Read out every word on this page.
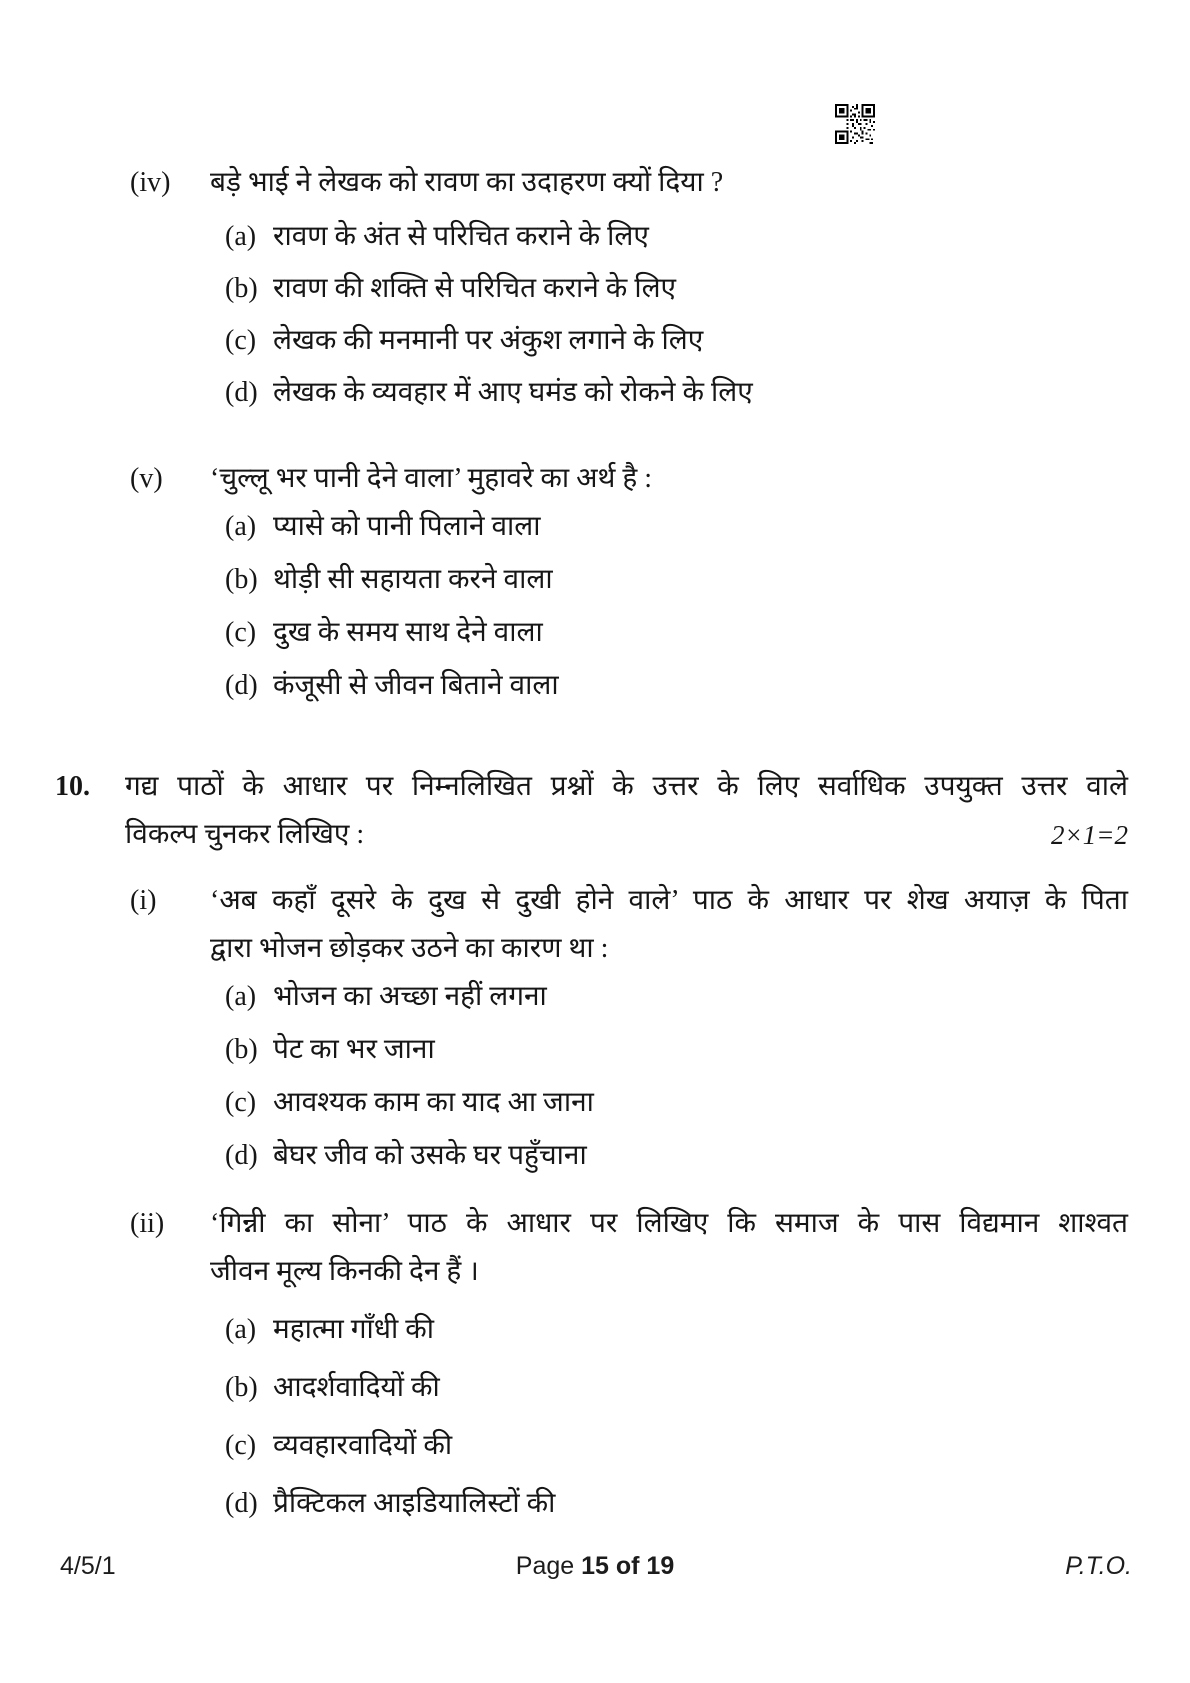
(iv)	बड़े भाई ने लेखक को रावण का उदाहरण क्यों दिया ?
(a) रावण के अंत से परिचित कराने के लिए
(b) रावण की शक्ति से परिचित कराने के लिए
(c) लेखक की मनमानी पर अंकुश लगाने के लिए
(d) लेखक के व्यवहार में आए घमंड को रोकने के लिए
(v)	‘चुल्लू भर पानी देने वाला’ मुहावरे का अर्थ है :
(a) प्यासे को पानी पिलाने वाला
(b) थोड़ी सी सहायता करने वाला
(c) दुख के समय साथ देने वाला
(d) कंजूसी से जीवन बिताने वाला
10.	गद्य पाठों के आधार पर निम्नलिखित प्रश्नों के उत्तर के लिए सर्वाधिक उपयुक्त उत्तर वाले
विकल्प चुनकर लिखिए :	2×1=2
(i)	‘अब कहाँ दूसरे के दुख से दुखी होने वाले’ पाठ के आधार पर शेख अयाज़ के पिता
द्वारा भोजन छोड़कर उठने का कारण था :
(a) भोजन का अच्छा नहीं लगना
(b) पेट का भर जाना
(c) आवश्यक काम का याद आ जाना
(d) बेघर जीव को उसके घर पहुँचाना
(ii)	‘गिन्नी का सोना’ पाठ के आधार पर लिखिए कि समाज के पास विद्यमान शाश्वत
जीवन मूल्य किनकी देन हैं ।
(a) महात्मा गाँधी की
(b) आदर्शवादियों की
(c) व्यवहारवादियों की
(d) प्रैक्टिकल आइडियालिस्टों की
4/5/1	Page 15 of 19	P.T.O.
